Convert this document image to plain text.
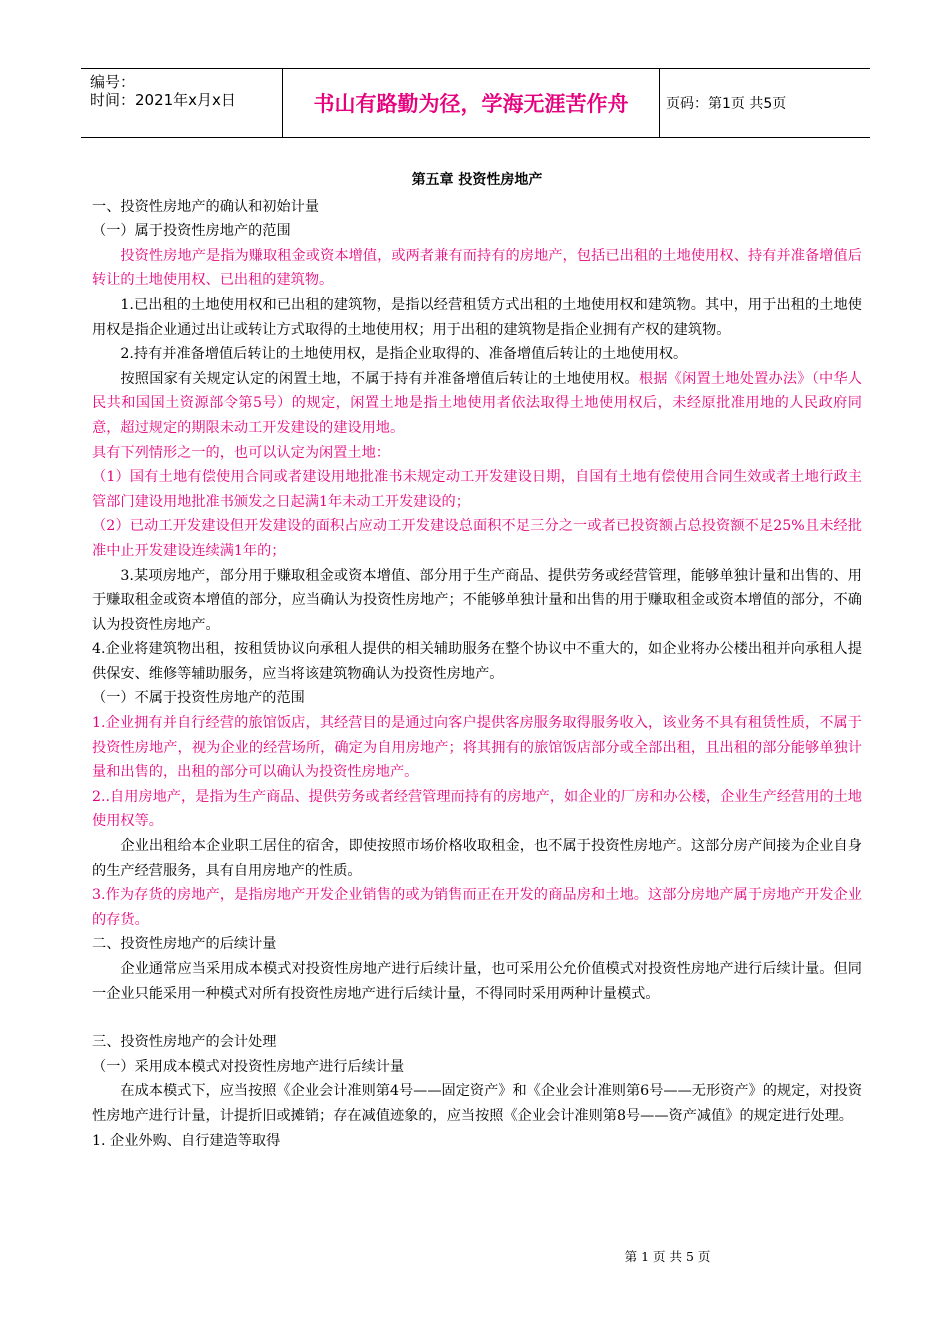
编号：
时间：2021年x月x日	书山有路勤为径，学海无涯苦作舟	页码：第1页 共5页

第五章 投资性房地产

一、投资性房地产的确认和初始计量

（一）属于投资性房地产的范围

投资性房地产是指为赚取租金或资本增值，或两者兼有而持有的房地产，包括已出租的土地使用权、持有并准备增值后转让的土地使用权、已出租的建筑物。

1.已出租的土地使用权和已出租的建筑物，是指以经营租赁方式出租的土地使用权和建筑物。其中，用于出租的土地使用权是指企业通过出让或转让方式取得的土地使用权；用于出租的建筑物是指企业拥有产权的建筑物。

2.持有并准备增值后转让的土地使用权，是指企业取得的、准备增值后转让的土地使用权。

按照国家有关规定认定的闲置土地，不属于持有并准备增值后转让的土地使用权。根据《闲置土地处置办法》（中华人民共和国国土资源部令第5号）的规定，闲置土地是指土地使用者依法取得土地使用权后，未经原批准用地的人民政府同意，超过规定的期限未动工开发建设的建设用地。

具有下列情形之一的，也可以认定为闲置土地：

（1）国有土地有偿使用合同或者建设用地批准书未规定动工开发建设日期，自国有土地有偿使用合同生效或者土地行政主管部门建设用地批准书颁发之日起满1年未动工开发建设的；

（2）已动工开发建设但开发建设的面积占应动工开发建设总面积不足三分之一或者已投资额占总投资额不足25%且未经批准中止开发建设连续满1年的；

3.某项房地产，部分用于赚取租金或资本增值、部分用于生产商品、提供劳务或经营管理，能够单独计量和出售的、用于赚取租金或资本增值的部分，应当确认为投资性房地产；不能够单独计量和出售的用于赚取租金或资本增值的部分，不确认为投资性房地产。

4.企业将建筑物出租，按租赁协议向承租人提供的相关辅助服务在整个协议中不重大的，如企业将办公楼出租并向承租人提供保安、维修等辅助服务，应当将该建筑物确认为投资性房地产。

（一）不属于投资性房地产的范围

1.企业拥有并自行经营的旅馆饭店，其经营目的是通过向客户提供客房服务取得服务收入，该业务不具有租赁性质，不属于投资性房地产，视为企业的经营场所，确定为自用房地产；将其拥有的旅馆饭店部分或全部出租，且出租的部分能够单独计量和出售的，出租的部分可以确认为投资性房地产。

2..自用房地产，是指为生产商品、提供劳务或者经营管理而持有的房地产，如企业的厂房和办公楼，企业生产经营用的土地使用权等。

企业出租给本企业职工居住的宿舍，即使按照市场价格收取租金，也不属于投资性房地产。这部分房产间接为企业自身的生产经营服务，具有自用房地产的性质。

3.作为存货的房地产，是指房地产开发企业销售的或为销售而正在开发的商品房和土地。这部分房地产属于房地产开发企业的存货。

二、投资性房地产的后续计量

企业通常应当采用成本模式对投资性房地产进行后续计量，也可采用公允价值模式对投资性房地产进行后续计量。但同一企业只能采用一种模式对所有投资性房地产进行后续计量，不得同时采用两种计量模式。

三、投资性房地产的会计处理

（一）采用成本模式对投资性房地产进行后续计量

在成本模式下，应当按照《企业会计准则第4号——固定资产》和《企业会计准则第6号——无形资产》的规定，对投资性房地产进行计量，计提折旧或摊销；存在减值迹象的，应当按照《企业会计准则第8号——资产减值》的规定进行处理。

1. 企业外购、自行建造等取得

第 1 页 共 5 页
